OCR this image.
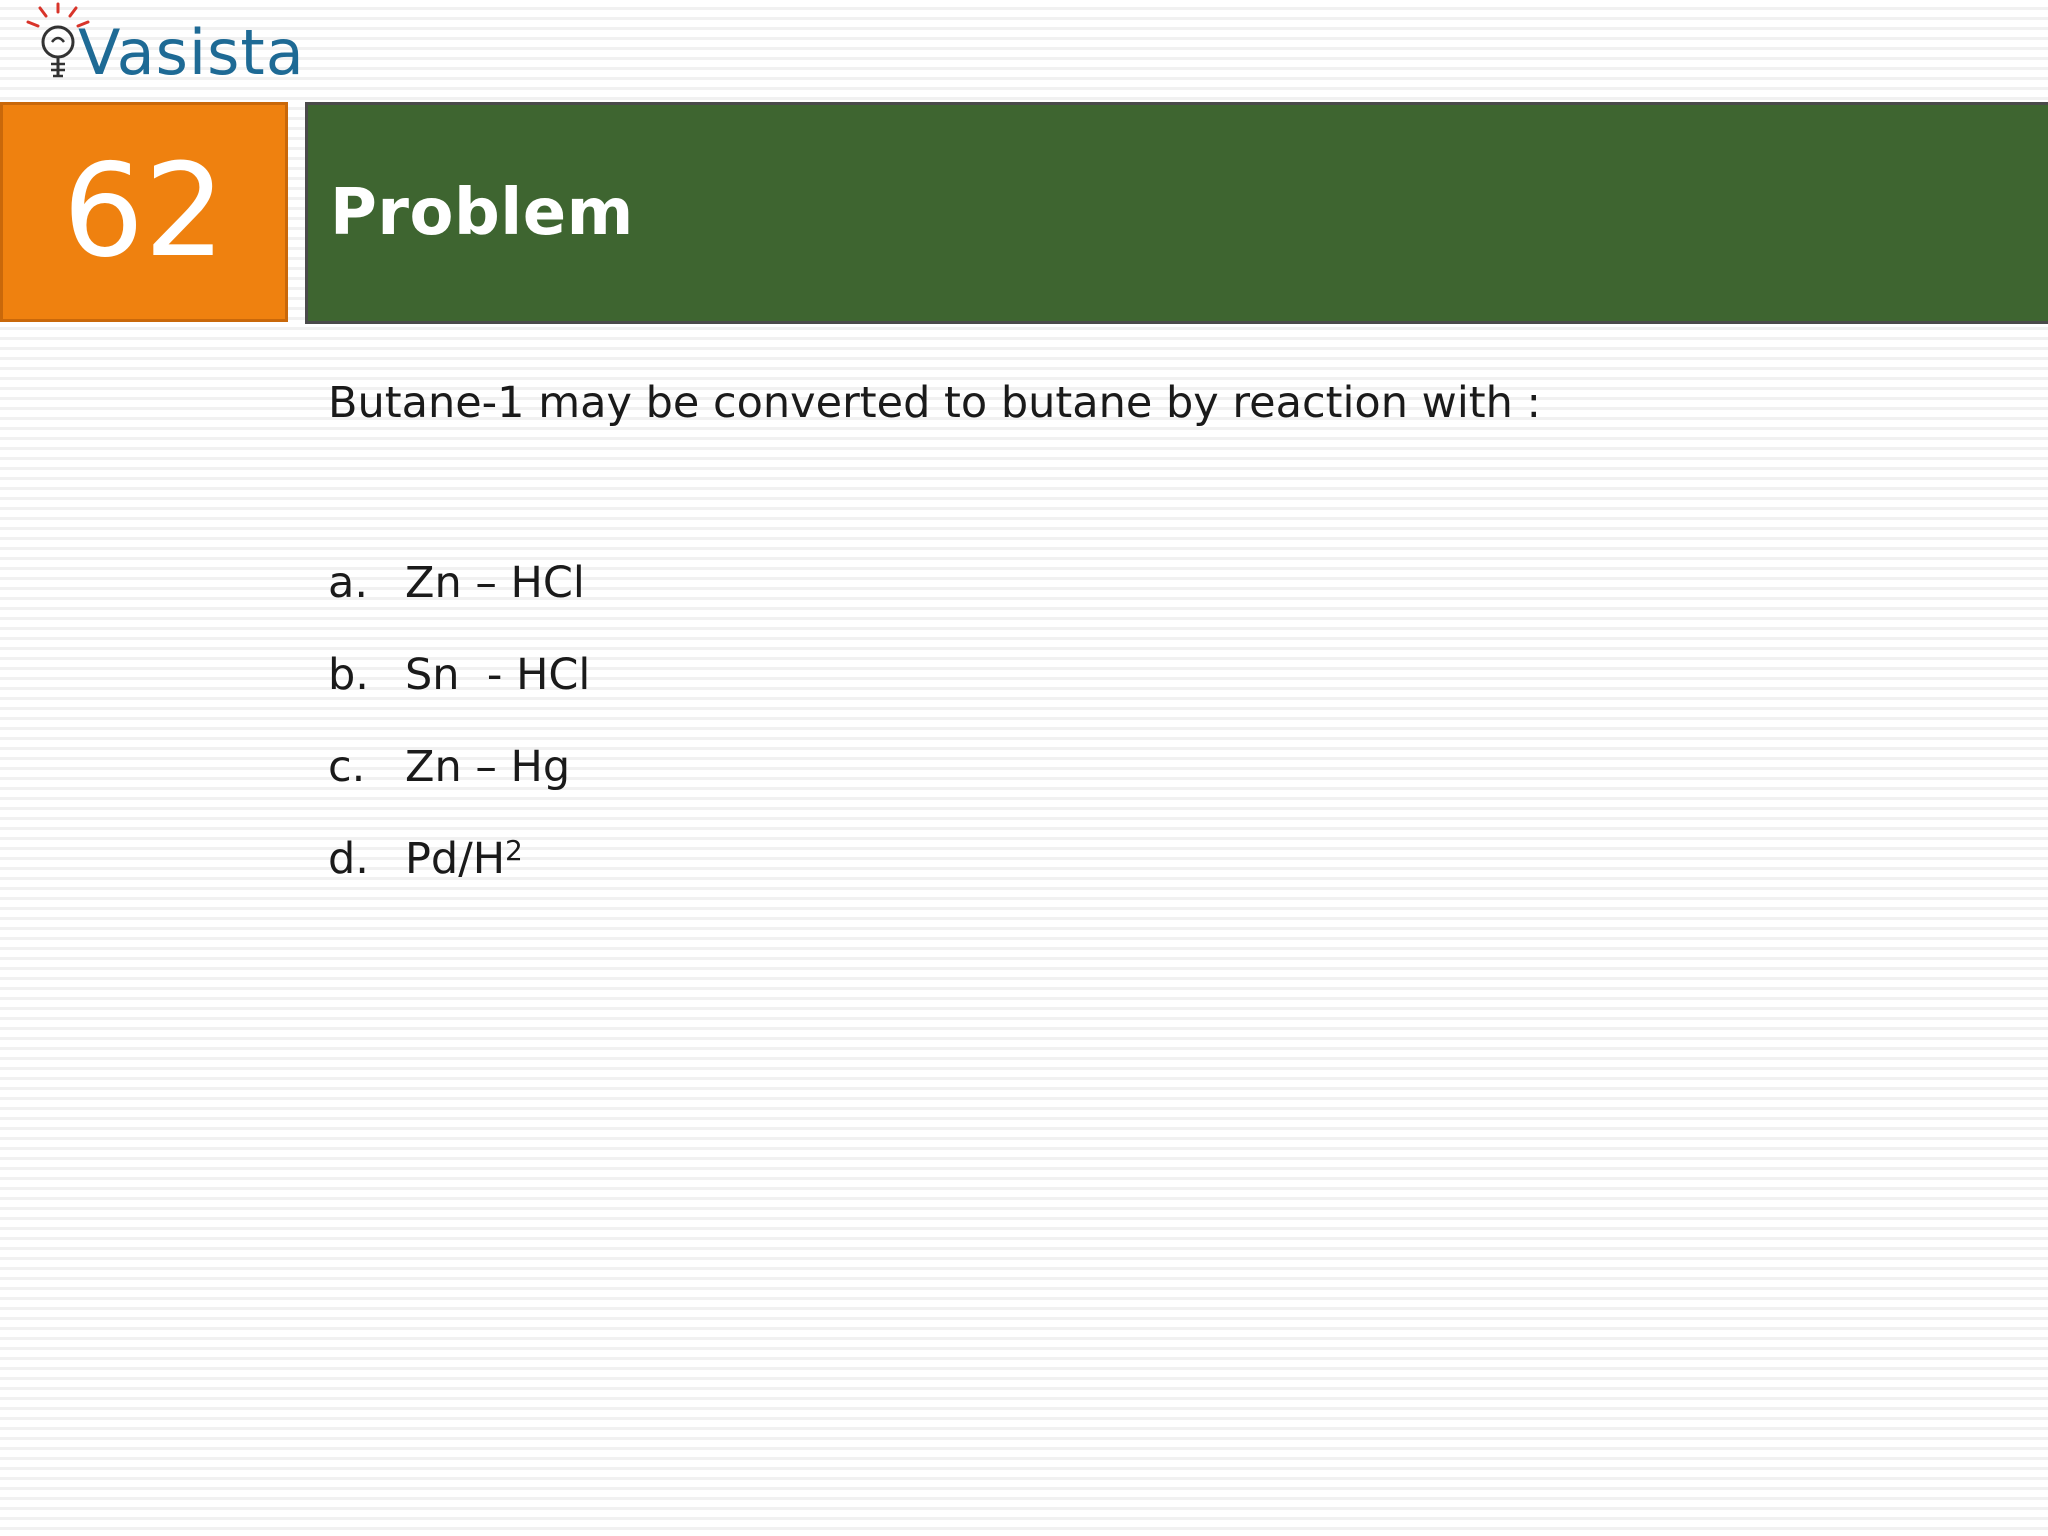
Vasista
62 Problem
Butane-1 may be converted to butane by reaction with :
a. Zn – HCl
b. Sn  - HCl
c. Zn – Hg
d. Pd/H 2
